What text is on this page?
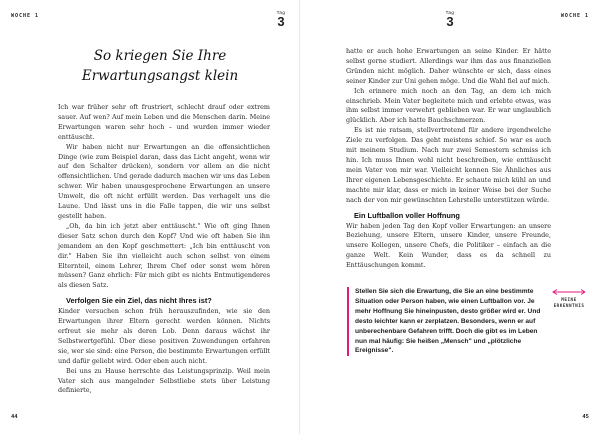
WOCHE 1
Tag
3
So kriegen Sie Ihre
Erwartungsangst klein

Ich war früher sehr oft frustriert, schlecht drauf oder extrem sauer. Auf wen? Auf mein Leben und die Menschen darin. Meine Erwartungen waren sehr hoch – und wurden immer wieder enttäuscht.

Wir haben nicht nur Erwartungen an die offensichtlichen Dinge (wie zum Beispiel daran, dass das Licht angeht, wenn wir auf den Schalter drücken), sondern vor allem an die nicht offensichtlichen. Und gerade dadurch machen wir uns das Leben schwer. Wir haben unausgesprochene Erwartungen an unsere Umwelt, die oft nicht erfüllt werden. Das verhagelt uns die Laune. Und lässt uns in die Falle tappen, die wir uns selbst gestellt haben.

„Oh, da bin ich jetzt aber enttäuscht." Wie oft ging Ihnen dieser Satz schon durch den Kopf? Und wie oft haben Sie ihn jemandem an den Kopf geschmettert: „Ich bin enttäuscht von dir." Haben Sie ihn vielleicht auch schon selbst von einem Elternteil, einem Lehrer, Ihrem Chef oder sonst wem hören müssen? Ganz ehrlich: Für mich gibt es nichts Entmutigenderes als diesen Satz.

Verfolgen Sie ein Ziel, das nicht Ihres ist?

Kinder versuchen schon früh herauszufinden, wie sie den Erwartungen ihrer Eltern gerecht werden können. Nichts erfreut sie mehr als deren Lob. Denn daraus wächst ihr Selbstwertgefühl. Über diese positiven Zuwendungen erfahren sie, wer sie sind: eine Person, die bestimmte Erwartungen erfüllt und dafür geliebt wird. Oder eben auch nicht.

Bei uns zu Hause herrschte das Leistungsprinzip. Weil mein Vater sich aus mangelnder Selbstliebe stets über Leistung definierte,

44
WOCHE 1
Tag
3

hatte er auch hohe Erwartungen an seine Kinder. Er hätte selbst gerne studiert. Allerdings war ihm das aus finanziellen Gründen nicht möglich. Daher wünschte er sich, dass eines seiner Kinder zur Uni gehen möge. Und die Wahl fiel auf mich.

Ich erinnere mich noch an den Tag, an dem ich mich einschrieb. Mein Vater begleitete mich und erlebte etwas, was ihm selbst immer verwehrt geblieben war. Er war unglaublich glücklich. Aber ich hatte Bauchschmerzen.

Es ist nie ratsam, stellvertretend für andere irgendwelche Ziele zu verfolgen. Das geht meistens schief. So war es auch mit meinem Studium. Nach nur zwei Semestern schmiss ich hin. Ich muss Ihnen wohl nicht beschreiben, wie enttäuscht mein Vater von mir war. Vielleicht kennen Sie Ähnliches aus Ihrer eigenen Lebensgeschichte. Er schaute mich kühl an und machte mir klar, dass er mich in keiner Weise bei der Suche nach der von mir gewünschten Lehrstelle unterstützen würde.

Ein Luftballon voller Hoffnung

Wir haben jeden Tag den Kopf voller Erwartungen: an unsere Beziehung, unsere Eltern, unsere Kinder, unsere Freunde, unsere Kollegen, unsere Chefs, die Politiker – einfach an die ganze Welt. Kein Wunder, dass es da schnell zu Enttäuschungen kommt.

Stellen Sie sich die Erwartung, die Sie an eine bestimmte Situation oder Person haben, wie einen Luftballon vor. Je mehr Hoffnung Sie hineinpusten, desto größer wird er. Und desto leichter kann er zerplatzen. Besonders, wenn er auf unberechenbare Gefahren trifft. Doch die gibt es im Leben nun mal häufig: Sie heißen „Mensch" und „plötzliche Ereignisse".
MEINE
ERKENNTNIS
45
